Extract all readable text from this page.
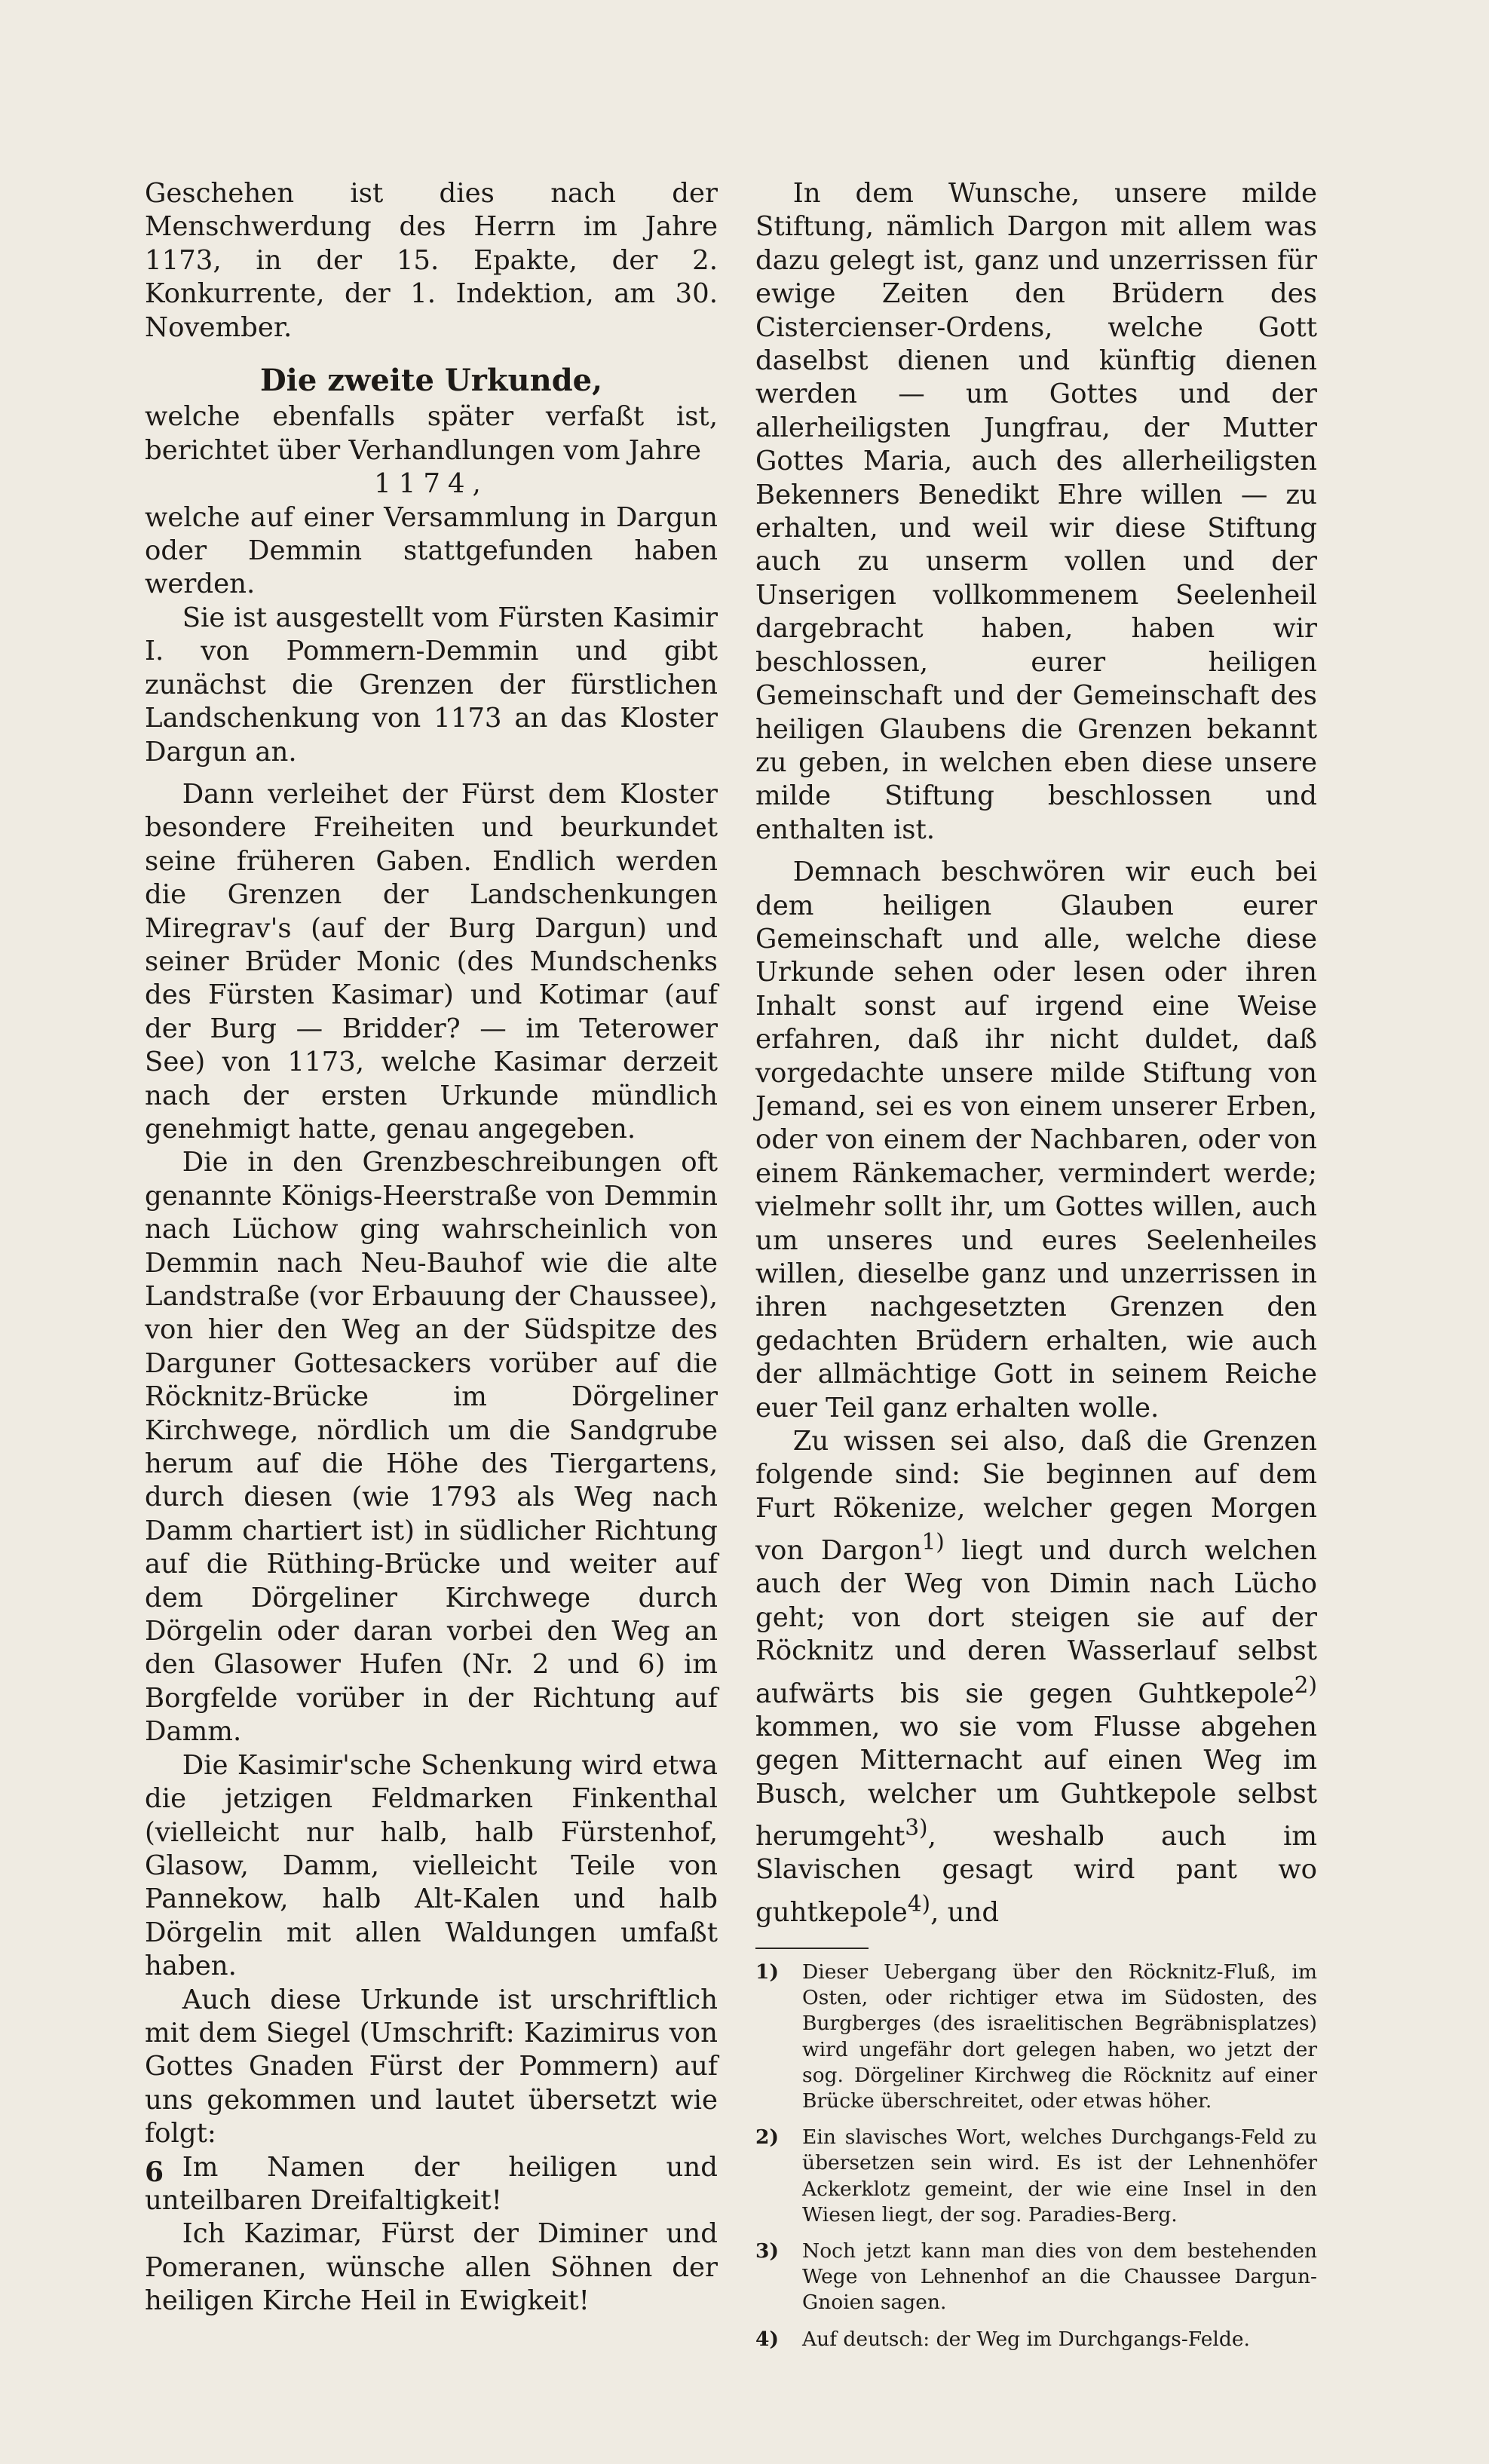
Geschehen ist dies nach der Menschwerdung des Herrn im Jahre 1173, in der 15. Epakte, der 2. Konkurrente, der 1. Indektion, am 30. November.

Die zweite Urkunde,

welche ebenfalls später verfaßt ist, berichtet über Verhandlungen vom Jahre

1174,

welche auf einer Versammlung in Dargun oder Demmin stattgefunden haben werden.

Sie ist ausgestellt vom Fürsten Kasimir I. von Pommern-Demmin und gibt zunächst die Grenzen der fürstlichen Landschenkung von 1173 an das Kloster Dargun an.

Dann verleihet der Fürst dem Kloster besondere Freiheiten und beurkundet seine früheren Gaben. Endlich werden die Grenzen der Landschenkungen Miregrav's (auf der Burg Dargun) und seiner Brüder Monic (des Mundschenks des Fürsten Kasimar) und Kotimar (auf der Burg — Bridder? — im Teterower See) von 1173, welche Kasimar derzeit nach der ersten Urkunde mündlich genehmigt hatte, genau angegeben.

Die in den Grenzbeschreibungen oft genannte Königs-Heerstraße von Demmin nach Lüchow ging wahrscheinlich von Demmin nach Neu-Bauhof wie die alte Landstraße (vor Erbauung der Chaussee), von hier den Weg an der Südspitze des Darguner Gottesackers vorüber auf die Röcknitz-Brücke im Dörgeliner Kirchwege, nördlich um die Sandgrube herum auf die Höhe des Tiergartens, durch diesen (wie 1793 als Weg nach Damm chartiert ist) in südlicher Richtung auf die Rüthing-Brücke und weiter auf dem Dörgeliner Kirchwege durch Dörgelin oder daran vorbei den Weg an den Glasower Hufen (Nr. 2 und 6) im Borgfelde vorüber in der Richtung auf Damm.

Die Kasimir'sche Schenkung wird etwa die jetzigen Feldmarken Finkenthal (vielleicht nur halb, halb Fürstenhof, Glasow, Damm, vielleicht Teile von Pannekow, halb Alt-Kalen und halb Dörgelin mit allen Waldungen umfaßt haben.

Auch diese Urkunde ist urschriftlich mit dem Siegel (Umschrift: Kazimirus von Gottes Gnaden Fürst der Pommern) auf uns gekommen und lautet übersetzt wie folgt:

Im Namen der heiligen und unteilbaren Dreifaltigkeit!

Ich Kazimar, Fürst der Diminer und Pomeranen, wünsche allen Söhnen der heiligen Kirche Heil in Ewigkeit!

In dem Wunsche, unsere milde Stiftung, nämlich Dargon mit allem was dazu gelegt ist, ganz und unzerrissen für ewige Zeiten den Brüdern des Cistercienser-Ordens, welche Gott daselbst dienen und künftig dienen werden — um Gottes und der allerheiligsten Jungfrau, der Mutter Gottes Maria, auch des allerheiligsten Bekenners Benedikt Ehre willen — zu erhalten, und weil wir diese Stiftung auch zu unserm vollen und der Unserigen vollkommenem Seelenheil dargebracht haben, haben wir beschlossen, eurer heiligen Gemeinschaft und der Gemeinschaft des heiligen Glaubens die Grenzen bekannt zu geben, in welchen eben diese unsere milde Stiftung beschlossen und enthalten ist.

Demnach beschwören wir euch bei dem heiligen Glauben eurer Gemeinschaft und alle, welche diese Urkunde sehen oder lesen oder ihren Inhalt sonst auf irgend eine Weise erfahren, daß ihr nicht duldet, daß vorgedachte unsere milde Stiftung von Jemand, sei es von einem unserer Erben, oder von einem der Nachbaren, oder von einem Ränkemacher, vermindert werde; vielmehr sollt ihr, um Gottes willen, auch um unseres und eures Seelenheiles willen, dieselbe ganz und unzerrissen in ihren nachgesetzten Grenzen den gedachten Brüdern erhalten, wie auch der allmächtige Gott in seinem Reiche euer Teil ganz erhalten wolle.

Zu wissen sei also, daß die Grenzen folgende sind: Sie beginnen auf dem Furt Rökenize, welcher gegen Morgen von Dargon$^{1)}$ liegt und durch welchen auch der Weg von Dimin nach Lücho geht; von dort steigen sie auf der Röcknitz und deren Wasserlauf selbst aufwärts bis sie gegen Guhtkepole$^{2)}$ kommen, wo sie vom Flusse abgehen gegen Mitternacht auf einen Weg im Busch, welcher um Guhtkepole selbst herumgeht$^{3)}$, weshalb auch im Slavischen gesagt wird pant wo guhtkepole$^{4)}$, und

1)	Dieser Uebergang über den Röcknitz-Fluß, im Osten, oder richtiger etwa im Südosten, des Burgberges (des israelitischen Begräbnisplatzes) wird ungefähr dort gelegen haben, wo jetzt der sog. Dörgeliner Kirchweg die Röcknitz auf einer Brücke überschreitet, oder etwas höher.
2)	Ein slavisches Wort, welches Durchgangs-Feld zu übersetzen sein wird. Es ist der Lehnenhöfer Ackerklotz gemeint, der wie eine Insel in den Wiesen liegt, der sog. Paradies-Berg.
3)	Noch jetzt kann man dies von dem bestehenden Wege von Lehnenhof an die Chaussee Dargun-Gnoien sagen.
4)	Auf deutsch: der Weg im Durchgangs-Felde.
6
